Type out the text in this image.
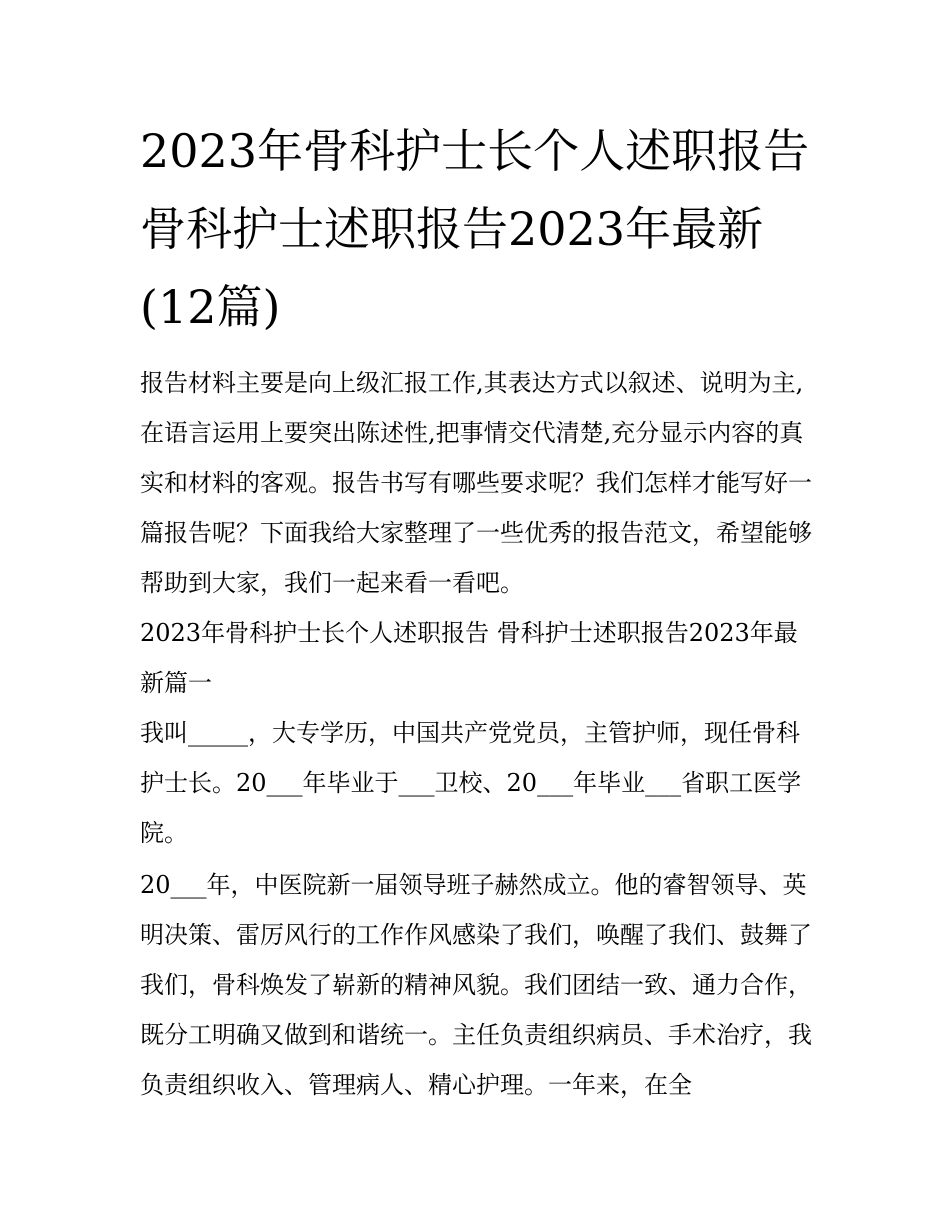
2023年骨科护士长个人述职报告 骨科护士述职报告2023年最新(12篇)

报告材料主要是向上级汇报工作,其表达方式以叙述、说明为主,在语言运用上要突出陈述性,把事情交代清楚,充分显示内容的真实和材料的客观。报告书写有哪些要求呢？我们怎样才能写好一篇报告呢？下面我给大家整理了一些优秀的报告范文，希望能够帮助到大家，我们一起来看一看吧。

2023年骨科护士长个人述职报告 骨科护士述职报告2023年最新篇一

我叫_____，大专学历，中国共产党党员，主管护师，现任骨科护士长。20___年毕业于___卫校、20___年毕业___省职工医学院。

20___年，中医院新一届领导班子赫然成立。他的睿智领导、英明决策、雷厉风行的工作作风感染了我们，唤醒了我们、鼓舞了我们，骨科焕发了崭新的精神风貌。我们团结一致、通力合作，既分工明确又做到和谐统一。主任负责组织病员、手术治疗，我负责组织收入、管理病人、精心护理。一年来，在全
